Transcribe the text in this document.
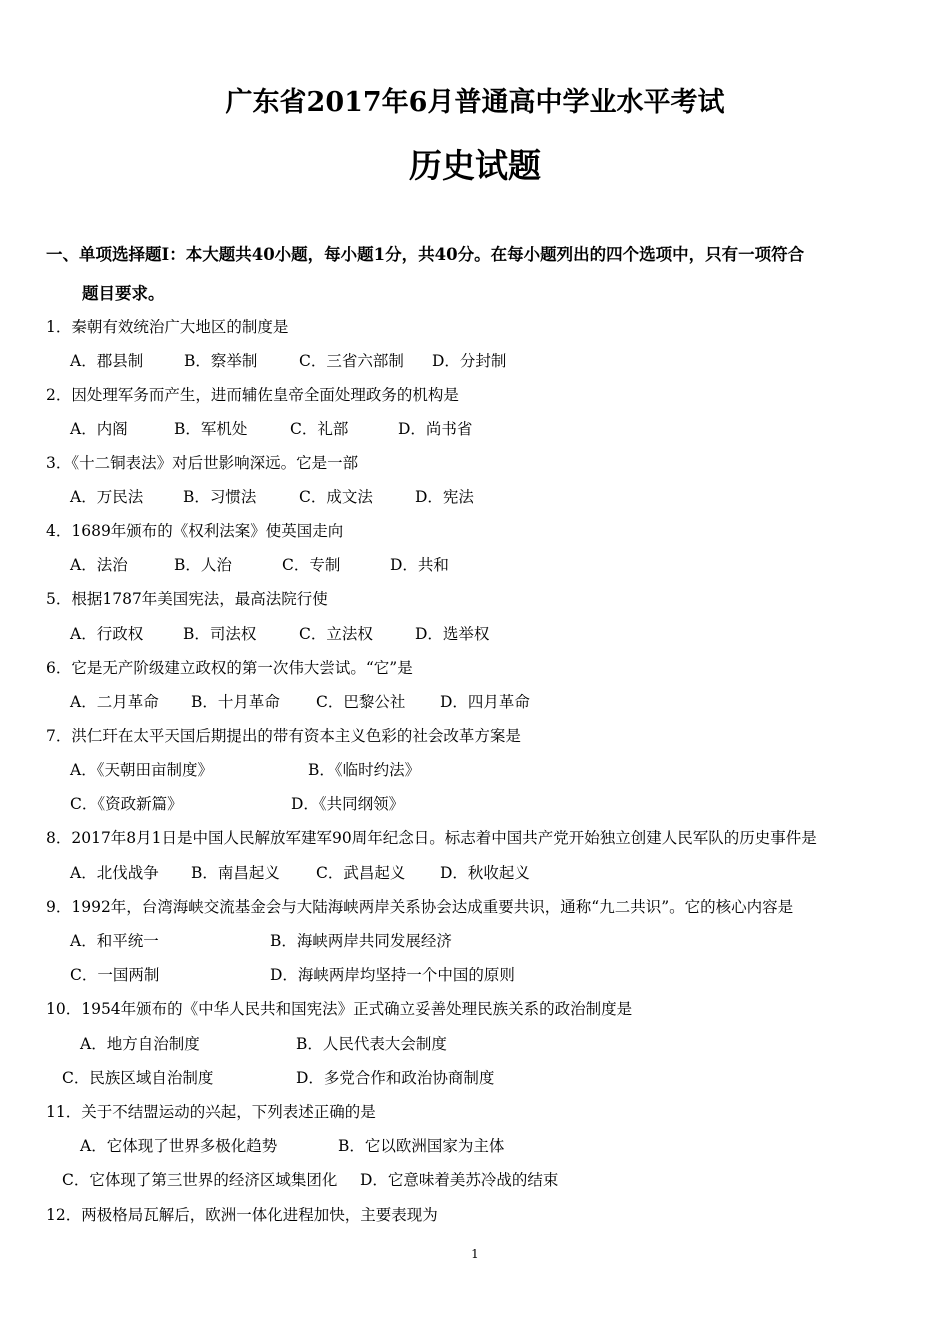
广东省2017年6月普通高中学业水平考试
历史试题
一、单项选择题Ⅰ：本大题共40小题，每小题1分，共40分。在每小题列出的四个选项中，只有一项符合
题目要求。
1．秦朝有效统治广大地区的制度是
A．郡县制	B．察举制	C．三省六部制 D．分封制
2．因处理军务而产生，进而辅佐皇帝全面处理政务的机构是
A．内阁	B．军机处	C．礼部	D．尚书省
3．《十二铜表法》对后世影响深远。它是一部
A．万民法	B．习惯法	C．成文法	D．宪法
4．1689年颁布的《权利法案》使英国走向
A．法治	B．人治	C．专制	D．共和
5．根据1787年美国宪法，最高法院行使
A．行政权	B．司法权	C．立法权	D．选举权
6．它是无产阶级建立政权的第一次伟大尝试。“它”是
A．二月革命 B．十月革命 C．巴黎公社 D．四月革命
7．洪仁玕在太平天国后期提出的带有资本主义色彩的社会改革方案是
A．《天朝田亩制度》	B．《临时约法》
C．《资政新篇》	D．《共同纲领》
8．2017年8月1日是中国人民解放军建军90周年纪念日。标志着中国共产党开始独立创建人民军队的历史事件是
A．北伐战争 B．南昌起义 C．武昌起义 D．秋收起义
9．1992年，台湾海峡交流基金会与大陆海峡两岸关系协会达成重要共识，通称“九二共识”。它的核心内容是
A．和平统一	B．海峡两岸共同发展经济
C．一国两制	D．海峡两岸均坚持一个中国的原则
10．1954年颁布的《中华人民共和国宪法》正式确立妥善处理民族关系的政治制度是
A．地方自治制度	B．人民代表大会制度
C．民族区域自治制度	D．多党合作和政治协商制度
11．关于不结盟运动的兴起，下列表述正确的是
A．它体现了世界多极化趋势	B．它以欧洲国家为主体
C．它体现了第三世界的经济区域集团化 D．它意味着美苏冷战的结束
12．两极格局瓦解后，欧洲一体化进程加快，主要表现为
1
